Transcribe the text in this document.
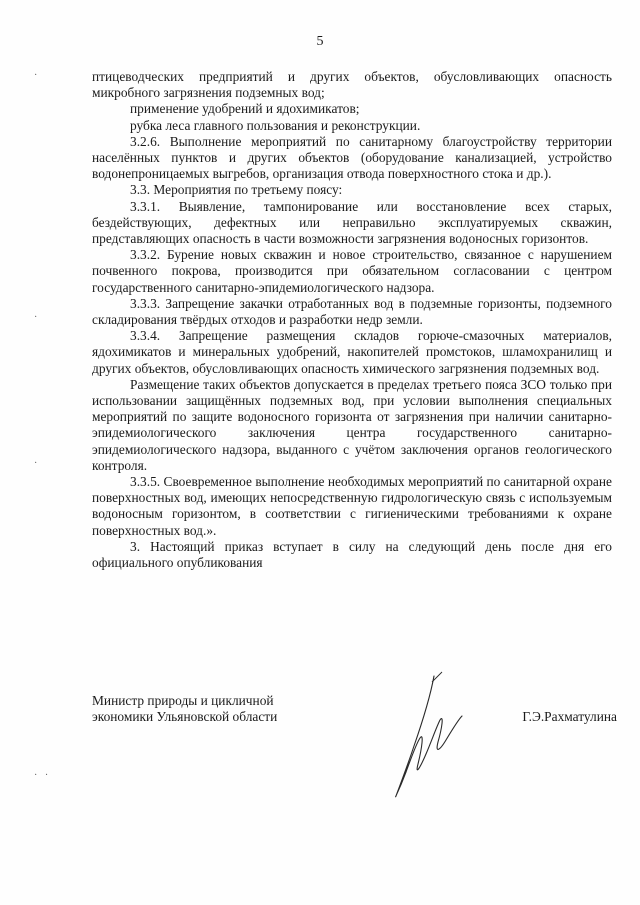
5
·
·
·
·   ·

птицеводческих предприятий и других объектов, обусловливающих опасность микробного загрязнения подземных вод;

применение удобрений и ядохимикатов;

рубка леса главного пользования и реконструкции.

3.2.6. Выполнение мероприятий по санитарному благоустройству территории населённых пунктов и других объектов (оборудование канализацией, устройство водонепроницаемых выгребов, организация отвода поверхностного стока и др.).

3.3. Мероприятия по третьему поясу:

3.3.1. Выявление, тампонирование или восстановление всех старых, бездействующих, дефектных или неправильно эксплуатируемых скважин, представляющих опасность в части возможности загрязнения водоносных горизонтов.

3.3.2. Бурение новых скважин и новое строительство, связанное с нарушением почвенного покрова, производится при обязательном согласовании с центром государственного санитарно-эпидемиологического надзора.

3.3.3. Запрещение закачки отработанных вод в подземные горизонты, подземного складирования твёрдых отходов и разработки недр земли.

3.3.4. Запрещение размещения складов горюче-смазочных материалов, ядохимикатов и минеральных удобрений, накопителей промстоков, шламохранилищ и других объектов, обусловливающих опасность химического загрязнения подземных вод.

Размещение таких объектов допускается в пределах третьего пояса ЗСО только при использовании защищённых подземных вод, при условии выполнения специальных мероприятий по защите водоносного горизонта от загрязнения при наличии санитарно-эпидемиологического заключения центра государственного санитарно-эпидемиологического надзора, выданного с учётом заключения органов геологического контроля.

3.3.5. Своевременное выполнение необходимых мероприятий по санитарной охране поверхностных вод, имеющих непосредственную гидрологическую связь с используемым водоносным горизонтом, в соответствии с гигиеническими требованиями к охране поверхностных вод.».

3. Настоящий приказ вступает в силу на следующий день после дня его официального опубликования

Министр природы и цикличной
экономики Ульяновской области	Г.Э.Рахматулина
